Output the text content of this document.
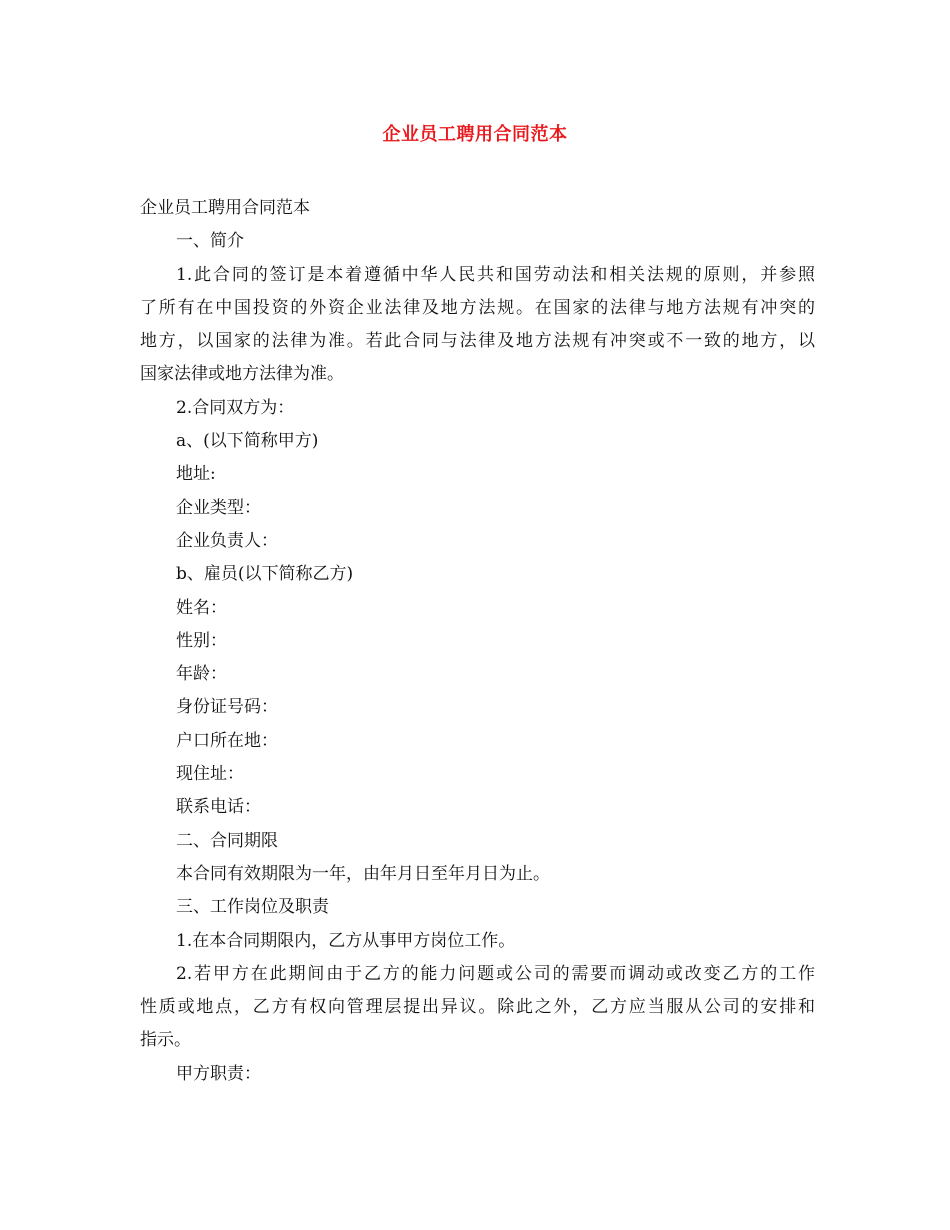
企业员工聘用合同范本
企业员工聘用合同范本
一、简介
1.此合同的签订是本着遵循中华人民共和国劳动法和相关法规的原则，并参照
了所有在中国投资的外资企业法律及地方法规。在国家的法律与地方法规有冲突的
地方，以国家的法律为准。若此合同与法律及地方法规有冲突或不一致的地方，以
国家法律或地方法律为准。
2.合同双方为：
a、(以下简称甲方)
地址:
企业类型：
企业负责人：
b、雇员(以下简称乙方)
姓名：
性别：
年龄：
身份证号码：
户口所在地：
现住址：
联系电话：
二、合同期限
本合同有效期限为一年，由年月日至年月日为止。
三、工作岗位及职责
1.在本合同期限内，乙方从事甲方岗位工作。
2.若甲方在此期间由于乙方的能力问题或公司的需要而调动或改变乙方的工作
性质或地点，乙方有权向管理层提出异议。除此之外，乙方应当服从公司的安排和
指示。
甲方职责：
